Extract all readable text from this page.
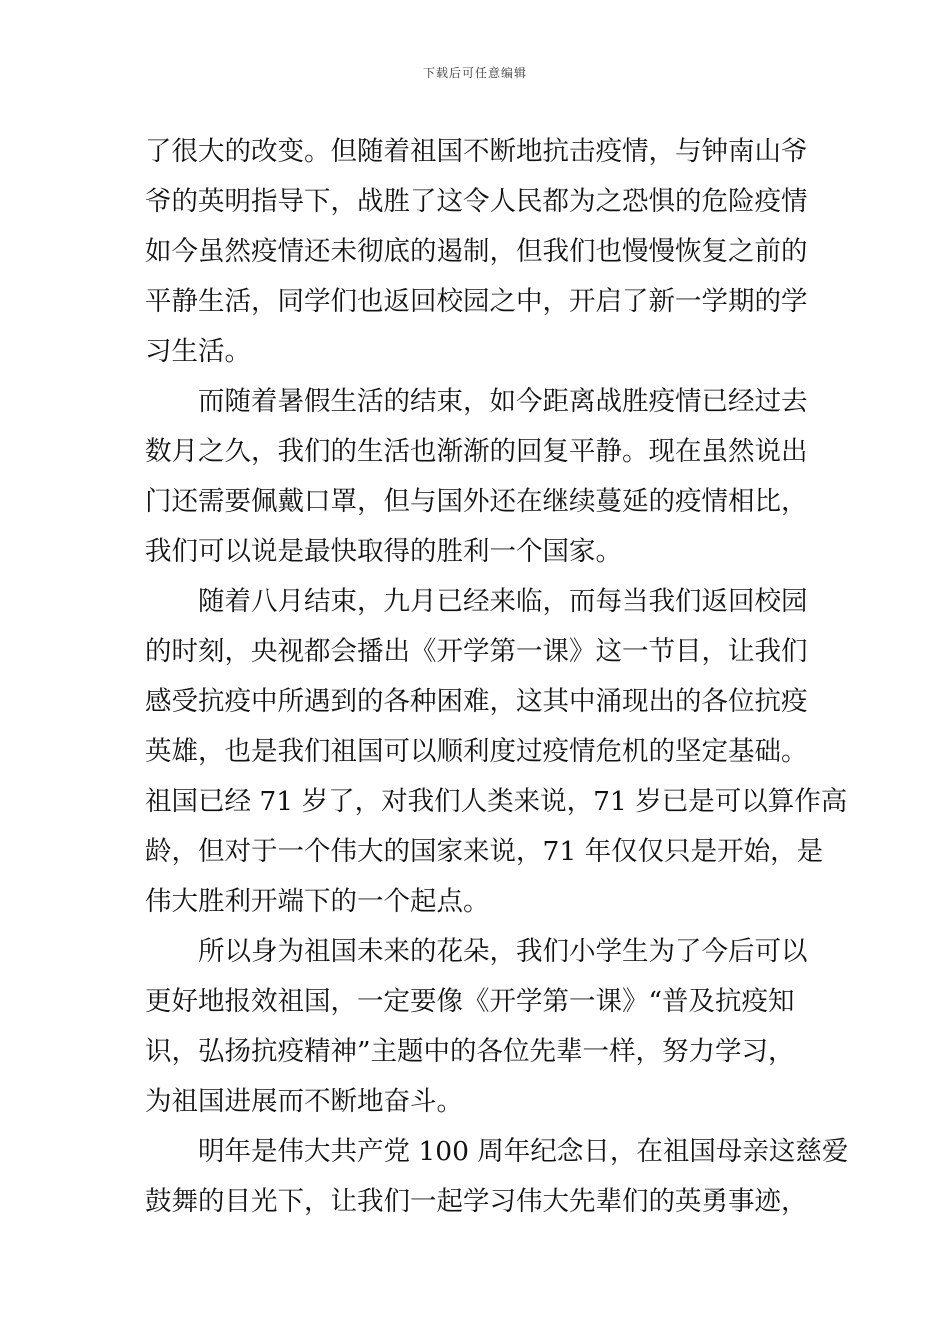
下载后可任意编辑
了很大的改变。但随着祖国不断地抗击疫情，与钟南山爷
爷的英明指导下，战胜了这令人民都为之恐惧的危险疫情
如今虽然疫情还未彻底的遏制，但我们也慢慢恢复之前的
平静生活，同学们也返回校园之中，开启了新一学期的学
习生活。
而随着暑假生活的结束，如今距离战胜疫情已经过去
数月之久，我们的生活也渐渐的回复平静。现在虽然说出
门还需要佩戴口罩，但与国外还在继续蔓延的疫情相比，
我们可以说是最快取得的胜利一个国家。
随着八月结束，九月已经来临，而每当我们返回校园
的时刻，央视都会播出《开学第一课》这一节目，让我们
感受抗疫中所遇到的各种困难，这其中涌现出的各位抗疫
英雄，也是我们祖国可以顺利度过疫情危机的坚定基础。
祖国已经 71 岁了，对我们人类来说，71 岁已是可以算作高
龄，但对于一个伟大的国家来说，71 年仅仅只是开始，是
伟大胜利开端下的一个起点。
所以身为祖国未来的花朵，我们小学生为了今后可以
更好地报效祖国，一定要像《开学第一课》“普及抗疫知
识，弘扬抗疫精神”主题中的各位先辈一样，努力学习，
为祖国进展而不断地奋斗。
明年是伟大共产党 100 周年纪念日，在祖国母亲这慈爱
鼓舞的目光下，让我们一起学习伟大先辈们的英勇事迹，
